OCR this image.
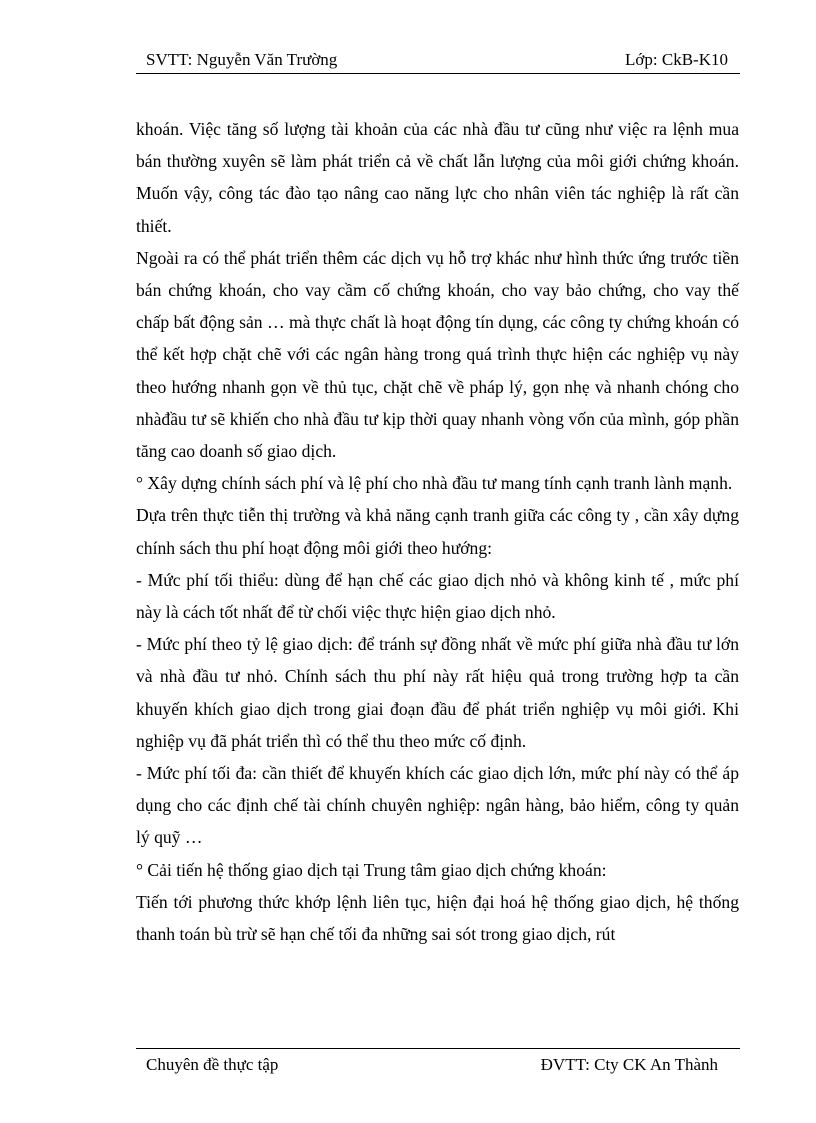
SVTT: Nguyễn Văn Trường	Lớp: CkB-K10

khoán. Việc tăng số lượng tài khoản của các nhà đầu tư cũng như việc ra lệnh mua bán thường xuyên sẽ làm phát triển cả về chất lẫn lượng của môi giới chứng khoán. Muốn vậy, công tác đào tạo nâng cao năng lực cho nhân viên tác nghiệp là rất cần thiết.

Ngoài ra có thể phát triển thêm các dịch vụ hỗ trợ khác như hình thức ứng trước tiền bán chứng khoán, cho vay cầm cố chứng khoán, cho vay bảo chứng, cho vay thế chấp bất động sản … mà thực chất là hoạt động tín dụng, các công ty chứng khoán có thể kết hợp chặt chẽ với các ngân hàng trong quá trình thực hiện các nghiệp vụ này theo hướng nhanh gọn về thủ tục, chặt chẽ về pháp lý, gọn nhẹ và nhanh chóng cho nhàđầu tư sẽ khiến cho nhà đầu tư kịp thời quay nhanh vòng vốn của mình, góp phần tăng cao doanh số giao dịch.

° Xây dựng chính sách phí và lệ phí cho nhà đầu tư mang tính cạnh tranh lành mạnh.

Dựa trên thực tiễn thị trường và khả năng cạnh tranh giữa các công ty , cần xây dựng chính sách thu phí hoạt động môi giới theo hướng:

- Mức phí tối thiểu: dùng để hạn chế các giao dịch nhỏ và không kinh tế , mức phí này là cách tốt nhất để từ chối việc thực hiện giao dịch nhỏ.

- Mức phí theo tỷ lệ giao dịch: để tránh sự đồng nhất về mức phí giữa nhà đầu tư lớn và nhà đầu tư nhỏ. Chính sách thu phí này rất hiệu quả trong trường hợp ta cần khuyến khích giao dịch trong giai đoạn đầu để phát triển nghiệp vụ môi giới. Khi nghiệp vụ đã phát triển thì có thể thu theo mức cố định.

- Mức phí tối đa: cần thiết để khuyến khích các giao dịch lớn, mức phí này có thể áp dụng cho các định chế tài chính chuyên nghiệp: ngân hàng, bảo hiểm, công ty quản lý quỹ …

° Cải tiến hệ thống giao dịch tại Trung tâm giao dịch chứng khoán:

Tiến tới phương thức khớp lệnh liên tục, hiện đại hoá hệ thống giao dịch, hệ thống thanh toán bù trừ sẽ hạn chế tối đa những sai sót trong giao dịch, rút

Chuyên đề thực tập	ĐVTT: Cty CK An Thành
